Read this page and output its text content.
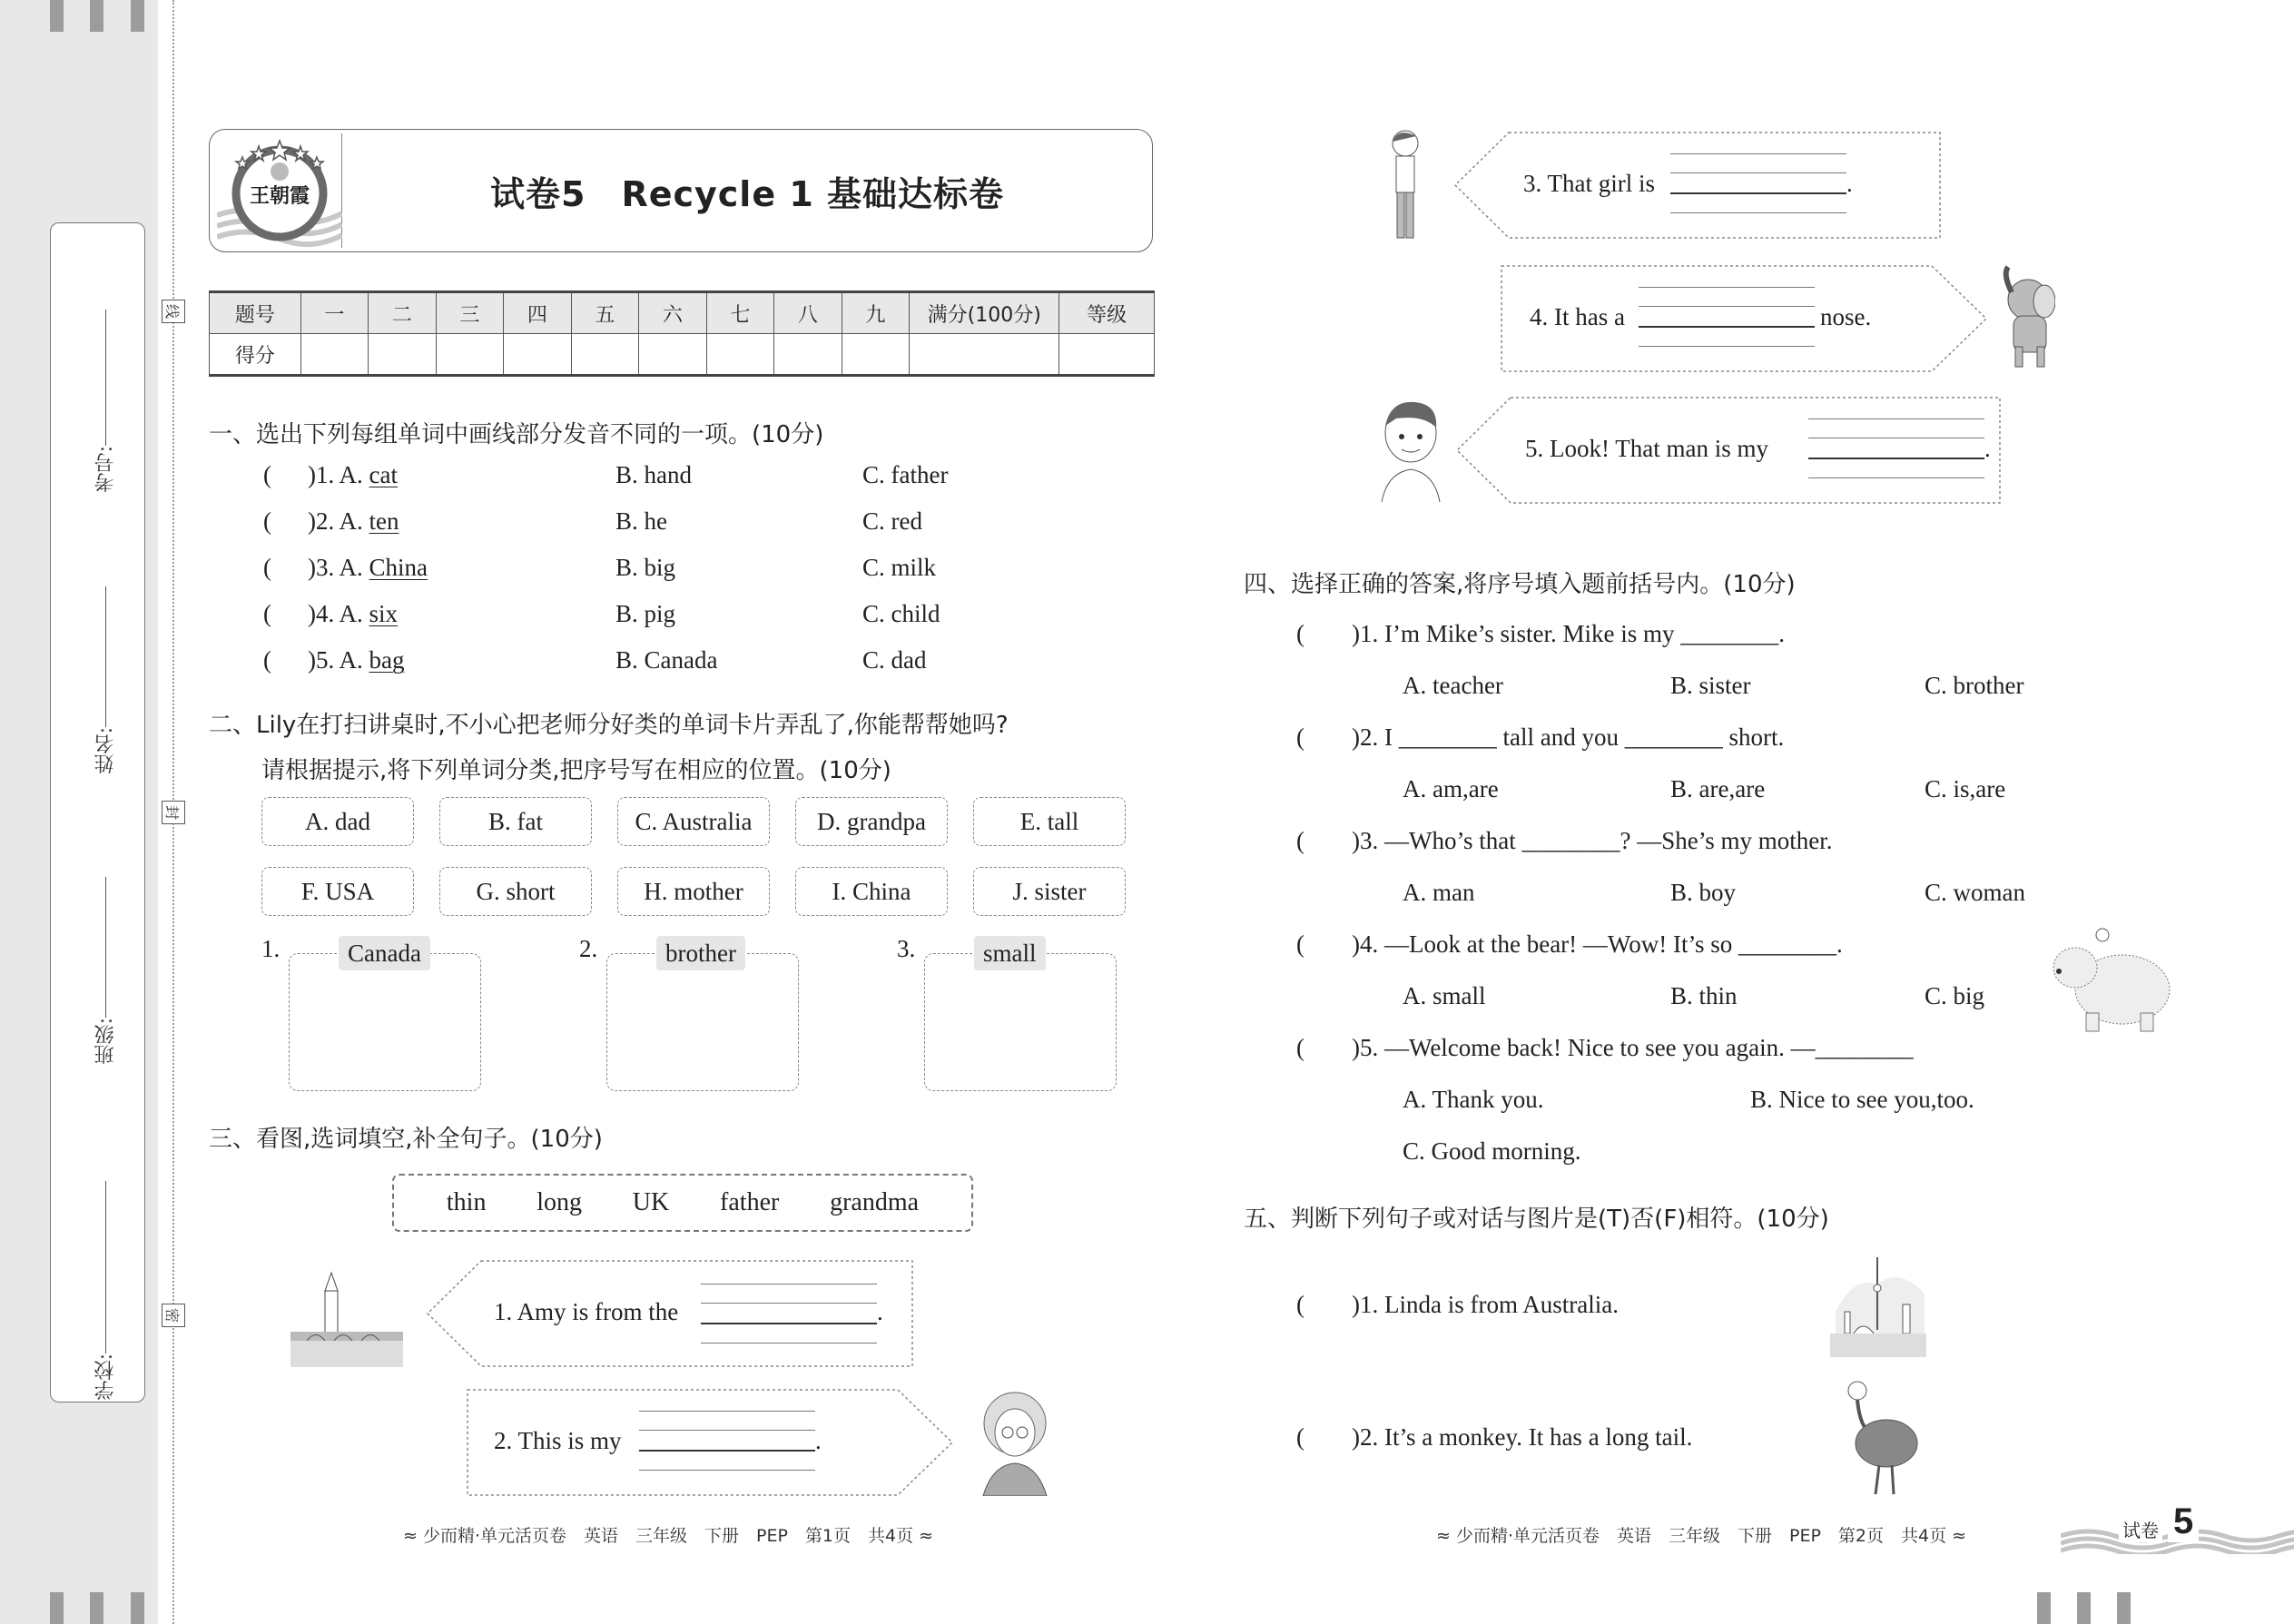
考号:
姓名:
班级:
学校:
线
封
密
王朝霞	试卷5　Recycle 1 基础达标卷
题号	一	二	三	四	五	六	七	八	九	满分(100分)	等级
得分											
一、选出下列每组单词中画线部分发音不同的一项。(10分)
( )1. A. cat	B. hand	C. father
( )2. A. ten	B. he	C. red
( )3. A. China	B. big	C. milk
( )4. A. six	B. pig	C. child
( )5. A. bag	B. Canada	C. dad
二、Lily在打扫讲桌时,不小心把老师分好类的单词卡片弄乱了,你能帮帮她吗?
请根据提示,将下列单词分类,把序号写在相应的位置。(10分)
A. dad	B. fat	C. Australia	D. grandpa	E. tall
F. USA	G. short	H. mother	I. China	J. sister
1.	Canada	2.	brother	3.	small
三、看图,选词填空,补全句子。(10分)
thin long UK father grandma
1. Amy is from the	.
2. This is my	.
3. That girl is	.
4. It has a	nose.
5. Look! That man is my	.
四、选择正确的答案,将序号填入题前括号内。(10分)
( )1. I’m Mike’s sister. Mike is my ________.
A. teacher	B. sister	C. brother
( )2. I ________ tall and you ________ short.
A. am,are	B. are,are	C. is,are
( )3. —Who’s that ________? —She’s my mother.
A. man	B. boy	C. woman
( )4. —Look at the bear! —Wow! It’s so ________.
A. small	B. thin	C. big
( )5. —Welcome back! Nice to see you again. —________
A. Thank you.	B. Nice to see you,too.
C. Good morning.
五、判断下列句子或对话与图片是(T)否(F)相符。(10分)
( )1. Linda is from Australia.
( )2. It’s a monkey. It has a long tail.
≈ 少而精·单元活页卷　英语　三年级　下册　PEP　第1页　共4页 ≈	≈ 少而精·单元活页卷　英语　三年级　下册　PEP　第2页　共4页 ≈	试卷 5
